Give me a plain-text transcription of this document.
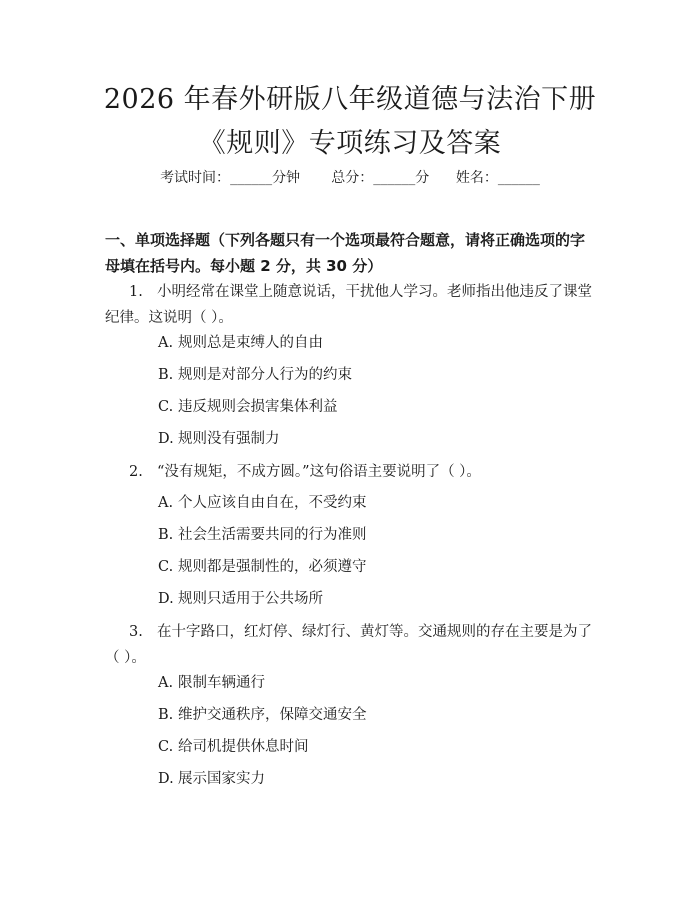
2026 年春外研版八年级道德与法治下册《规则》专项练习及答案
考试时间：______分钟 总分：______分 姓名：______

一、单项选择题（下列各题只有一个选项最符合题意，请将正确选项的字母填在括号内。每小题 2 分，共 30 分）

1. 小明经常在课堂上随意说话，干扰他人学习。老师指出他违反了课堂纪律。这说明（ ）。

A. 规则总是束缚人的自由

B. 规则是对部分人行为的约束

C. 违反规则会损害集体利益

D. 规则没有强制力

2. “没有规矩，不成方圆。”这句俗语主要说明了（ ）。

A. 个人应该自由自在，不受约束

B. 社会生活需要共同的行为准则

C. 规则都是强制性的，必须遵守

D. 规则只适用于公共场所

3. 在十字路口，红灯停、绿灯行、黄灯等。交通规则的存在主要是为了（ ）。

A. 限制车辆通行

B. 维护交通秩序，保障交通安全

C. 给司机提供休息时间

D. 展示国家实力
